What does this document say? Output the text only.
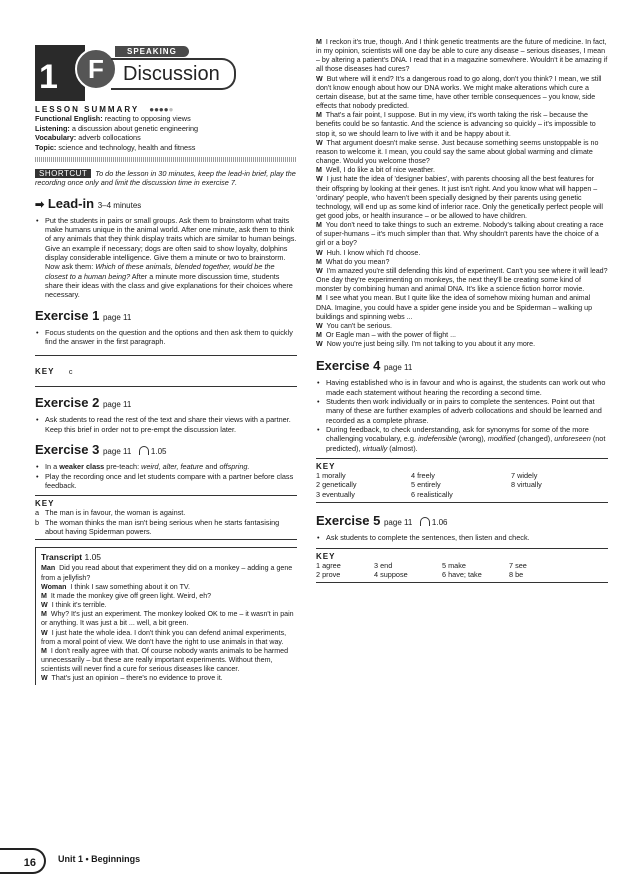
1	F
SPEAKING
Discussion
LESSON SUMMARY ●●●●●
Functional English: reacting to opposing views
Listening: a discussion about genetic engineering
Vocabulary: adverb collocations
Topic: science and technology, health and fitness

SHORTCUT To do the lesson in 30 minutes, keep the lead-in brief, play the recording once only and limit the discussion time in exercise 7.

➡ Lead-in 3–4 minutes
• Put the students in pairs or small groups. Ask them to brainstorm what traits make humans unique in the animal world. After one minute, ask them to think of any animals that they think display traits which are similar to human beings. Give an example if necessary; dogs are often said to show loyalty, dolphins display considerable intelligence. Give them a minute or two to brainstorm. Now ask them: Which of these animals, blended together, would be the closest to a human being? After a minute more discussion time, students share their ideas with the class and give explanations for their choices where necessary.
Exercise 1 page 11
• Focus students on the question and the options and then ask them to quickly find the answer in the first paragraph.
KEY c
Exercise 2 page 11
• Ask students to read the rest of the text and share their views with a partner. Keep this brief in order not to pre-empt the discussion later.
Exercise 3 page 11 1.05
• In a weaker class pre-teach: weird, alter, feature and offspring.
• Play the recording once and let students compare with a partner before class feedback.
KEY
a The man is in favour, the woman is against.
b The woman thinks the man isn't being serious when he starts fantasising about having Spiderman powers.
Transcript 1.05
Man Did you read about that experiment they did on a monkey – adding a gene from a jellyfish?
Woman I think I saw something about it on TV.
M It made the monkey give off green light. Weird, eh?
W I think it's terrible.
M Why? It's just an experiment. The monkey looked OK to me – it wasn't in pain or anything. It was just a bit ... well, a bit green.
W I just hate the whole idea. I don't think you can defend animal experiments, from a moral point of view. We don't have the right to use animals in that way.
M I don't really agree with that. Of course nobody wants animals to be harmed unnecessarily – but these are really important experiments. Without them, scientists will never find a cure for serious diseases like cancer.
W That's just an opinion – there's no evidence to prove it.
M I reckon it's true, though. And I think genetic treatments are the future of medicine. In fact, in my opinion, scientists will one day be able to cure any disease – serious diseases, I mean – by altering a patient's DNA. I read that in a magazine somewhere. Wouldn't it be amazing if all those diseases had cures?
W But where will it end? It's a dangerous road to go along, don't you think? I mean, we still don't know enough about how our DNA works. We might make alterations which cure a certain disease, but at the same time, have other terrible consequences – you know, side effects that nobody predicted.
M That's a fair point, I suppose. But in my view, it's worth taking the risk – because the benefits could be so fantastic. And the science is advancing so quickly – it's impossible to stop it, so we should learn to live with it and be happy about it.
W That argument doesn't make sense. Just because something seems unstoppable is no reason to welcome it. I mean, you could say the same about global warming and climate change. Would you welcome those?
M Well, I do like a bit of nice weather.
W I just hate the idea of 'designer babies', with parents choosing all the best features for their offspring by looking at their genes. It just isn't right. And you know what will happen – 'ordinary' people, who haven't been specially designed by their parents using genetic technology, will end up as some kind of inferior race. Only the genetically perfect people will get good jobs, or health insurance – or be allowed to have children.
M You don't need to take things to such an extreme. Nobody's talking about creating a race of super-humans – it's much simpler than that. Why shouldn't parents have the choice of a girl or a boy?
W Huh. I know which I'd choose.
M What do you mean?
W I'm amazed you're still defending this kind of experiment. Can't you see where it will lead? One day they're experimenting on monkeys, the next they'll be creating some kind of monster by combining human and animal DNA. It's like a science fiction horror movie.
M I see what you mean. But I quite like the idea of somehow mixing human and animal DNA. Imagine, you could have a spider gene inside you and be Spiderman – walking up buildings and spinning webs ...
W You can't be serious.
M Or Eagle man – with the power of flight ...
W Now you're just being silly. I'm not talking to you about it any more.
Exercise 4 page 11
• Having established who is in favour and who is against, the students can work out who made each statement without hearing the recording a second time.
• Students then work individually or in pairs to complete the sentences. Point out that many of these are further examples of adverb collocations and should be learned and recorded as a complete phrase.
• During feedback, to check understanding, ask for synonyms for some of the more challenging vocabulary, e.g. indefensible (wrong), modified (changed), unforeseen (not predicted), virtually (almost).
KEY
1 morally	4 freely	7 widely
2 genetically	5 entirely	8 virtually
3 eventually	6 realistically
Exercise 5 page 11 1.06
• Ask students to complete the sentences, then listen and check.
KEY
1 agree	3 end	5 make	7 see
2 prove	4 suppose	6 have; take	8 be
16	Unit 1 • Beginnings
